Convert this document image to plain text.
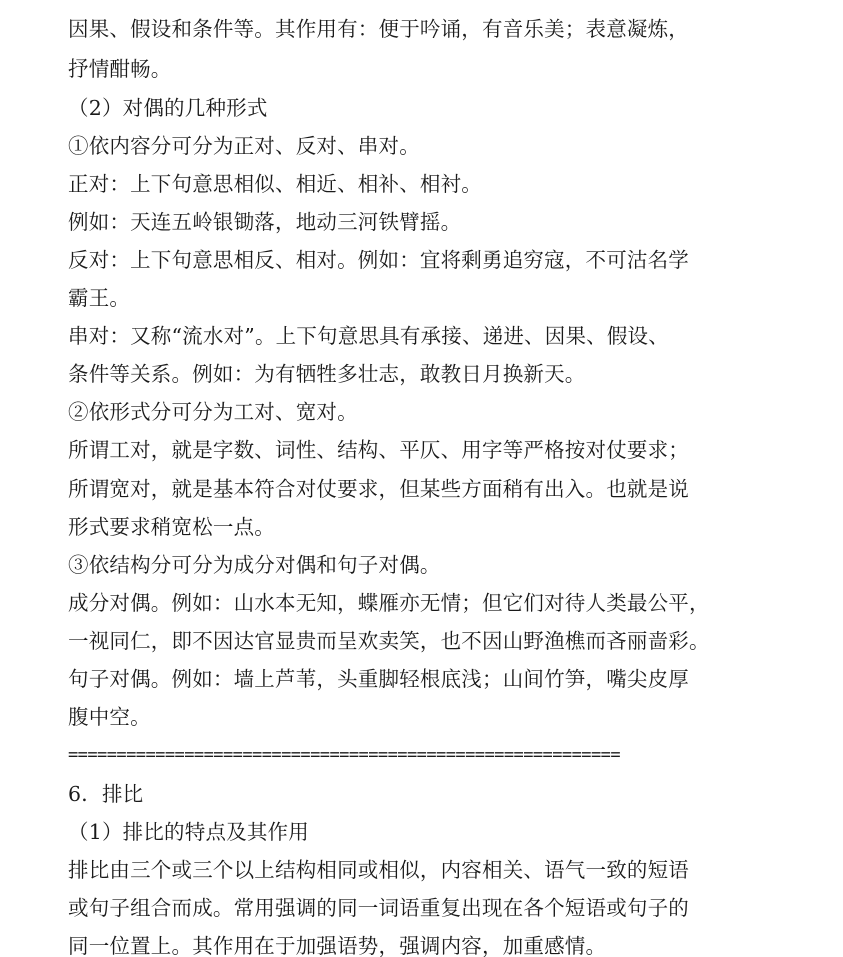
因果、假设和条件等。其作用有：便于吟诵，有音乐美；表意凝炼，
抒情酣畅。
（2）对偶的几种形式
①依内容分可分为正对、反对、串对。
正对：上下句意思相似、相近、相补、相衬。
例如：天连五岭银锄落，地动三河铁臂摇。
反对：上下句意思相反、相对。例如：宜将剩勇追穷寇，不可沽名学
霸王。
串对：又称“流水对”。上下句意思具有承接、递进、因果、假设、
条件等关系。例如：为有牺牲多壮志，敢教日月换新天。
②依形式分可分为工对、宽对。
所谓工对，就是字数、词性、结构、平仄、用字等严格按对仗要求；
所谓宽对，就是基本符合对仗要求，但某些方面稍有出入。也就是说
形式要求稍宽松一点。
③依结构分可分为成分对偶和句子对偶。
成分对偶。例如：山水本无知，蝶雁亦无情；但它们对待人类最公平，
一视同仁，即不因达官显贵而呈欢卖笑，也不因山野渔樵而吝丽啬彩。
句子对偶。例如：墙上芦苇，头重脚轻根底浅；山间竹笋，嘴尖皮厚
腹中空。
=========================================================
6．排比
（1）排比的特点及其作用
排比由三个或三个以上结构相同或相似，内容相关、语气一致的短语
或句子组合而成。常用强调的同一词语重复出现在各个短语或句子的
同一位置上。其作用在于加强语势，强调内容，加重感情。
